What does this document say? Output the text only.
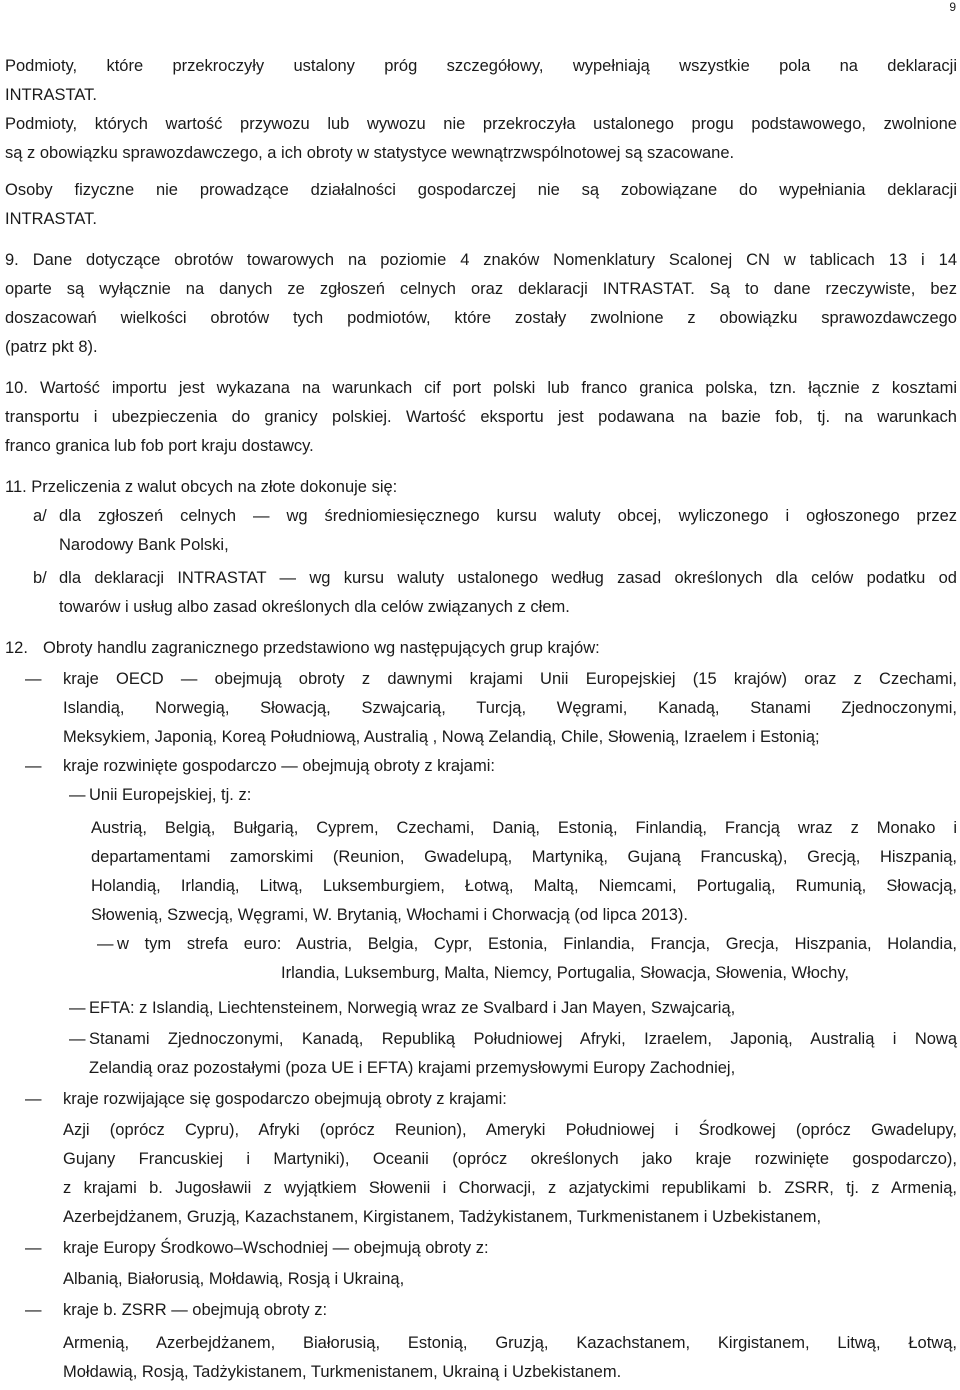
9

Podmioty, które przekroczyły ustalony próg szczegółowy, wypełniają wszystkie pola na deklaracji

INTRASTAT.

Podmioty, których wartość przywozu lub wywozu nie przekroczyła ustalonego progu podstawowego, zwolnione

są z obowiązku sprawozdawczego, a ich obroty w statystyce wewnątrzwspólnotowej są szacowane.

Osoby fizyczne nie prowadzące działalności gospodarczej nie są zobowiązane do wypełniania deklaracji

INTRASTAT.

9. Dane dotyczące obrotów towarowych na poziomie 4 znaków Nomenklatury Scalonej CN w tablicach 13 i 14

oparte są wyłącznie na danych ze zgłoszeń celnych oraz deklaracji INTRASTAT. Są to dane rzeczywiste, bez

doszacowań wielkości obrotów tych podmiotów, które zostały zwolnione z obowiązku sprawozdawczego

(patrz pkt 8).

10. Wartość importu jest wykazana na warunkach cif port polski lub franco granica polska, tzn. łącznie z kosztami

transportu i ubezpieczenia do granicy polskiej. Wartość eksportu jest podawana na bazie fob, tj. na warunkach

franco granica lub fob port kraju dostawcy.

11. Przeliczenia z walut obcych na złote dokonuje się:

a/ dla zgłoszeń celnych — wg średniomiesięcznego kursu waluty obcej, wyliczonego i ogłoszonego przez

Narodowy Bank Polski,

b/ dla deklaracji INTRASTAT — wg kursu waluty ustalonego według zasad określonych dla celów podatku od

towarów i usług albo zasad określonych dla celów związanych z cłem.

12. Obroty handlu zagranicznego przedstawiono wg następujących grup krajów:
—	kraje OECD — obejmują obroty z dawnymi krajami Unii Europejskiej (15 krajów) oraz z Czechami,

Islandią, Norwegią, Słowacją, Szwajcarią, Turcją, Węgrami, Kanadą, Stanami Zjednoczonymi,

Meksykiem, Japonią, Koreą Południową, Australią , Nową Zelandią, Chile, Słowenią, Izraelem i Estonią;

—	kraje rozwinięte gospodarczo — obejmują obroty z krajami:
— Unii Europejskiej, tj. z:

Austrią, Belgią, Bułgarią, Cyprem, Czechami, Danią, Estonią, Finlandią, Francją wraz z Monako i

departamentami zamorskimi (Reunion, Gwadelupą, Martyniką, Gujaną Francuską), Grecją, Hiszpanią,

Holandią, Irlandią, Litwą, Luksemburgiem, Łotwą, Maltą, Niemcami, Portugalią, Rumunią, Słowacją,

Słowenią, Szwecją, Węgrami, W. Brytanią, Włochami i Chorwacją (od lipca 2013).

— w tym strefa euro: Austria, Belgia, Cypr, Estonia, Finlandia, Francja, Grecja, Hiszpania, Holandia,

Irlandia, Luksemburg, Malta, Niemcy, Portugalia, Słowacja, Słowenia, Włochy,

— EFTA: z Islandią, Liechtensteinem, Norwegią wraz ze Svalbard i Jan Mayen, Szwajcarią,
— Stanami Zjednoczonymi, Kanadą, Republiką Południowej Afryki, Izraelem, Japonią, Australią i Nową

Zelandią oraz pozostałymi (poza UE i EFTA) krajami przemysłowymi Europy Zachodniej,

—	kraje rozwijające się gospodarczo obejmują obroty z krajami:

Azji (oprócz Cypru), Afryki (oprócz Reunion), Ameryki Południowej i Środkowej (oprócz Gwadelupy,

Gujany Francuskiej i Martyniki), Oceanii (oprócz określonych jako kraje rozwinięte gospodarczo),

z krajami b. Jugosławii z wyjątkiem Słowenii i Chorwacji, z azjatyckimi republikami b. ZSRR, tj. z Armenią,

Azerbejdżanem, Gruzją, Kazachstanem, Kirgistanem, Tadżykistanem, Turkmenistanem i Uzbekistanem,

—	kraje Europy Środkowo–Wschodniej — obejmują obroty z:

Albanią, Białorusią, Mołdawią, Rosją i Ukrainą,

—	kraje b. ZSRR — obejmują obroty z:

Armenią, Azerbejdżanem, Białorusią, Estonią, Gruzją, Kazachstanem, Kirgistanem, Litwą, Łotwą,

Mołdawią, Rosją, Tadżykistanem, Turkmenistanem, Ukrainą i Uzbekistanem.
